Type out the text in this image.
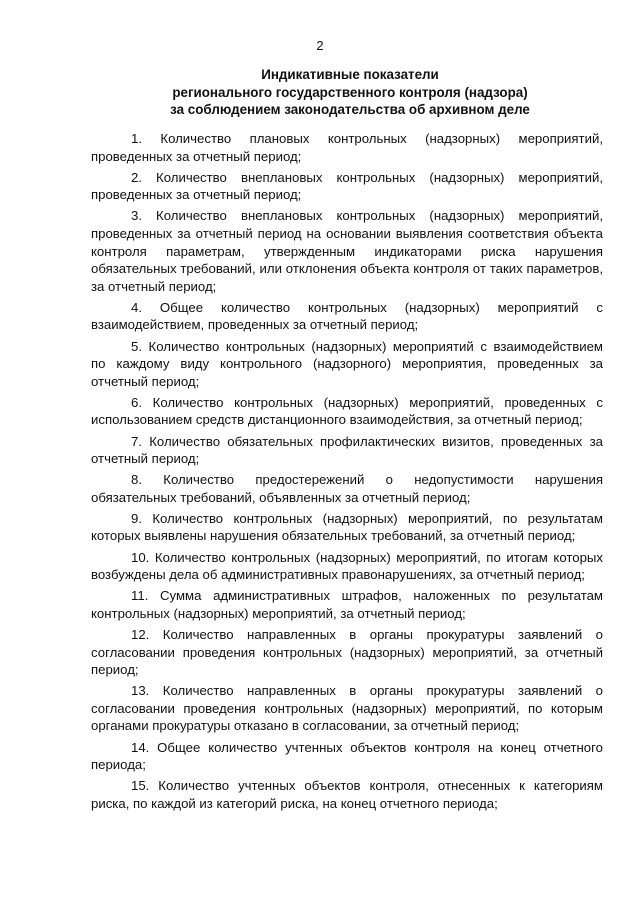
2
Индикативные показатели
регионального государственного контроля (надзора)
за соблюдением законодательства об архивном деле

1. Количество плановых контрольных (надзорных) мероприятий, проведенных за отчетный период;

2. Количество внеплановых контрольных (надзорных) мероприятий, проведенных за отчетный период;

3. Количество внеплановых контрольных (надзорных) мероприятий, проведенных за отчетный период на основании выявления соответствия объекта контроля параметрам, утвержденным индикаторами риска нарушения обязательных требований, или отклонения объекта контроля от таких параметров, за отчетный период;

4. Общее количество контрольных (надзорных) мероприятий с взаимодействием, проведенных за отчетный период;

5. Количество контрольных (надзорных) мероприятий с взаимодействием по каждому виду контрольного (надзорного) мероприятия, проведенных за отчетный период;

6. Количество контрольных (надзорных) мероприятий, проведенных с использованием средств дистанционного взаимодействия, за отчетный период;

7. Количество обязательных профилактических визитов, проведенных за отчетный период;

8. Количество предостережений о недопустимости нарушения обязательных требований, объявленных за отчетный период;

9. Количество контрольных (надзорных) мероприятий, по результатам которых выявлены нарушения обязательных требований, за отчетный период;

10. Количество контрольных (надзорных) мероприятий, по итогам которых возбуждены дела об административных правонарушениях, за отчетный период;

11. Сумма административных штрафов, наложенных по результатам контрольных (надзорных) мероприятий, за отчетный период;

12. Количество направленных в органы прокуратуры заявлений о согласовании проведения контрольных (надзорных) мероприятий, за отчетный период;

13. Количество направленных в органы прокуратуры заявлений о согласовании проведения контрольных (надзорных) мероприятий, по которым органами прокуратуры отказано в согласовании, за отчетный период;

14. Общее количество учтенных объектов контроля на конец отчетного периода;

15. Количество учтенных объектов контроля, отнесенных к категориям риска, по каждой из категорий риска, на конец отчетного периода;
